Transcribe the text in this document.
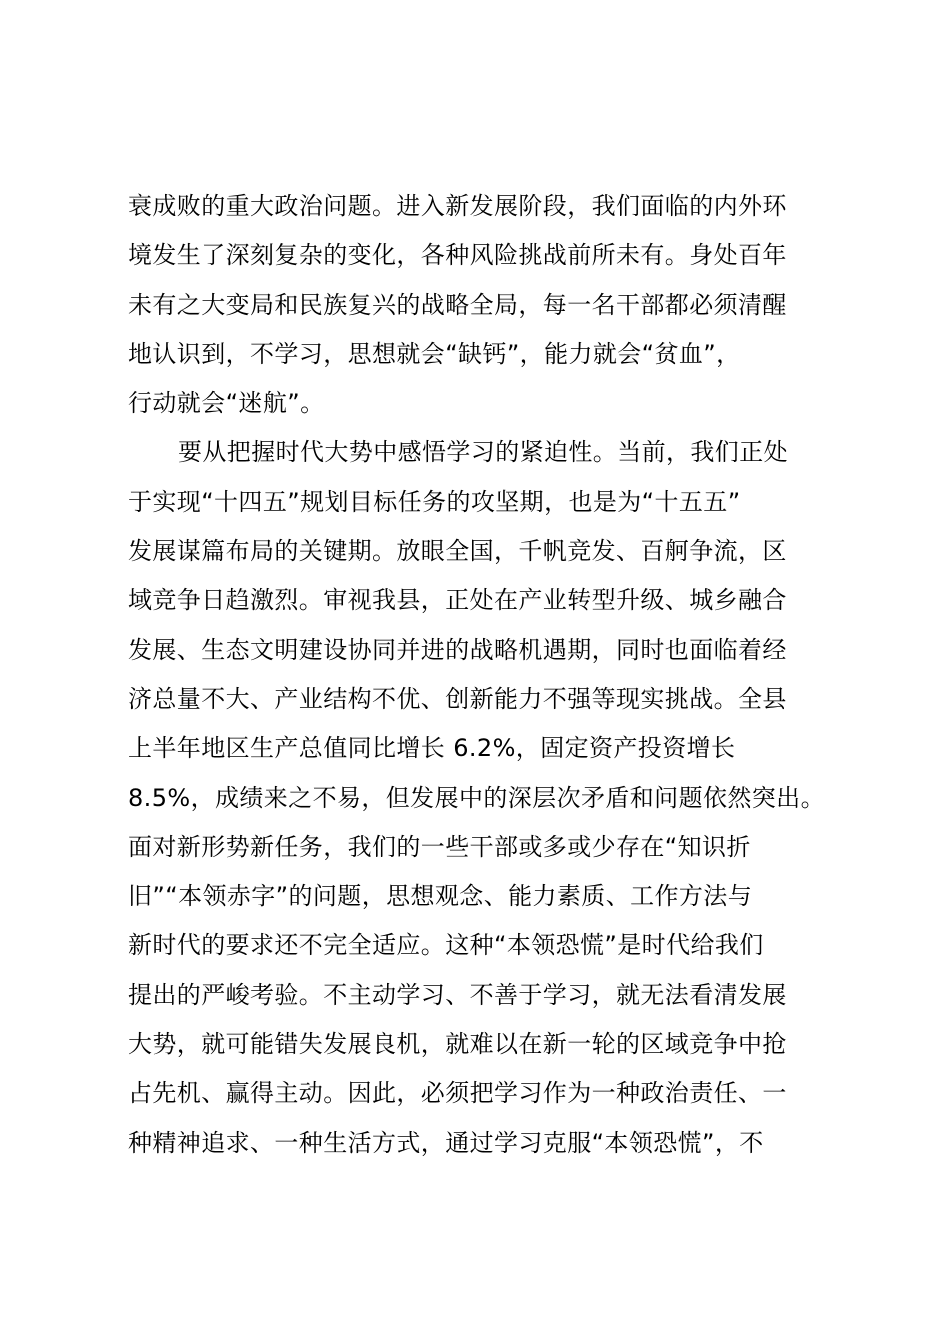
衰成败的重大政治问题。进入新发展阶段，我们面临的内外环
境发生了深刻复杂的变化，各种风险挑战前所未有。身处百年
未有之大变局和民族复兴的战略全局，每一名干部都必须清醒
地认识到，不学习，思想就会“缺钙”，能力就会“贫血”，
行动就会“迷航”。
要从把握时代大势中感悟学习的紧迫性。当前，我们正处
于实现“十四五”规划目标任务的攻坚期，也是为“十五五”
发展谋篇布局的关键期。放眼全国，千帆竞发、百舸争流，区
域竞争日趋激烈。审视我县，正处在产业转型升级、城乡融合
发展、生态文明建设协同并进的战略机遇期，同时也面临着经
济总量不大、产业结构不优、创新能力不强等现实挑战。全县
上半年地区生产总值同比增长 6.2%，固定资产投资增长
8.5%，成绩来之不易，但发展中的深层次矛盾和问题依然突出。
面对新形势新任务，我们的一些干部或多或少存在“知识折
旧”“本领赤字”的问题，思想观念、能力素质、工作方法与
新时代的要求还不完全适应。这种“本领恐慌”是时代给我们
提出的严峻考验。不主动学习、不善于学习，就无法看清发展
大势，就可能错失发展良机，就难以在新一轮的区域竞争中抢
占先机、赢得主动。因此，必须把学习作为一种政治责任、一
种精神追求、一种生活方式，通过学习克服“本领恐慌”，不
